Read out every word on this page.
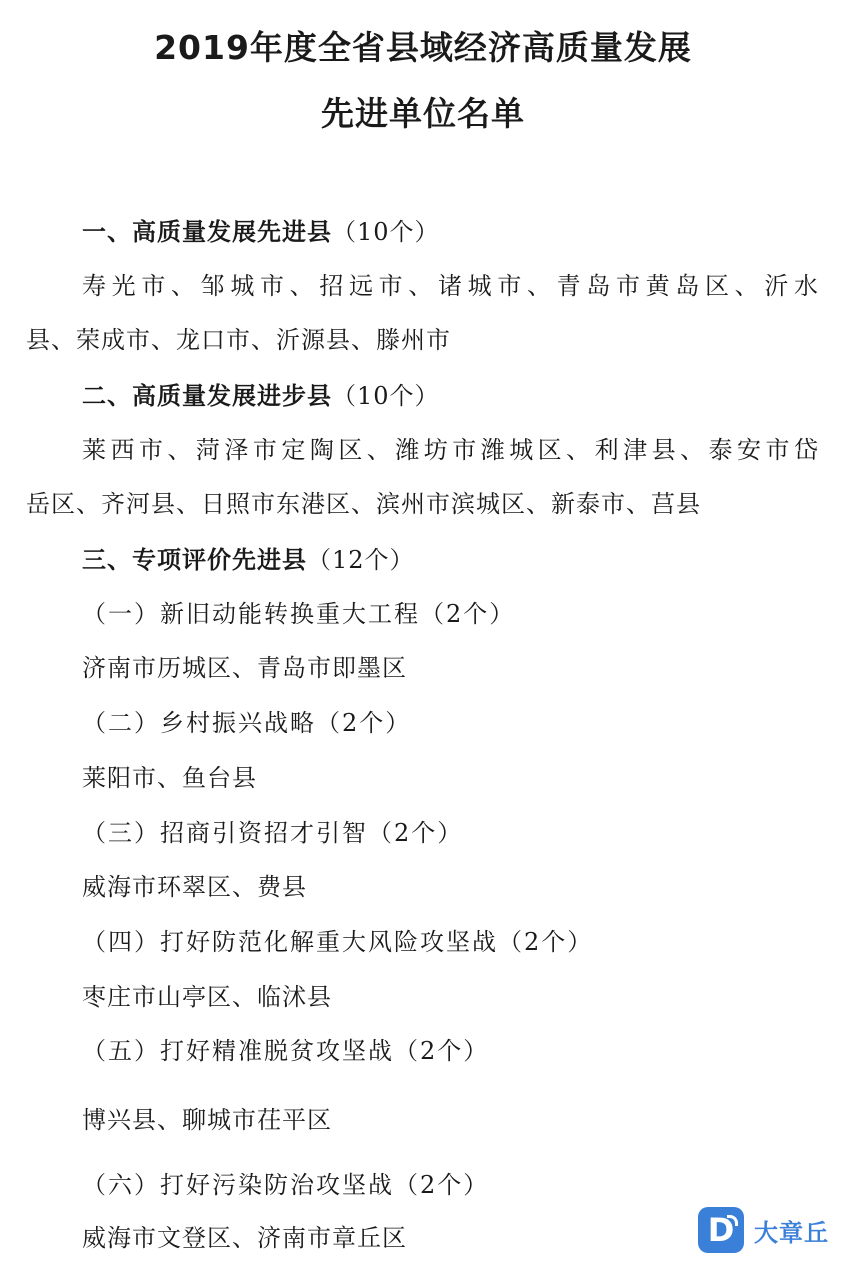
2019年度全省县域经济高质量发展
先进单位名单
一、高质量发展先进县（10个）
寿光市、邹城市、招远市、诸城市、青岛市黄岛区、沂水
县、荣成市、龙口市、沂源县、滕州市
二、高质量发展进步县（10个）
莱西市、菏泽市定陶区、潍坊市潍城区、利津县、泰安市岱
岳区、齐河县、日照市东港区、滨州市滨城区、新泰市、莒县
三、专项评价先进县（12个）
（一）新旧动能转换重大工程（2个）
济南市历城区、青岛市即墨区
（二）乡村振兴战略（2个）
莱阳市、鱼台县
（三）招商引资招才引智（2个）
威海市环翠区、费县
（四）打好防范化解重大风险攻坚战（2个）
枣庄市山亭区、临沭县
（五）打好精准脱贫攻坚战（2个）
博兴县、聊城市茌平区
（六）打好污染防治攻坚战（2个）
威海市文登区、济南市章丘区	D 大章丘
